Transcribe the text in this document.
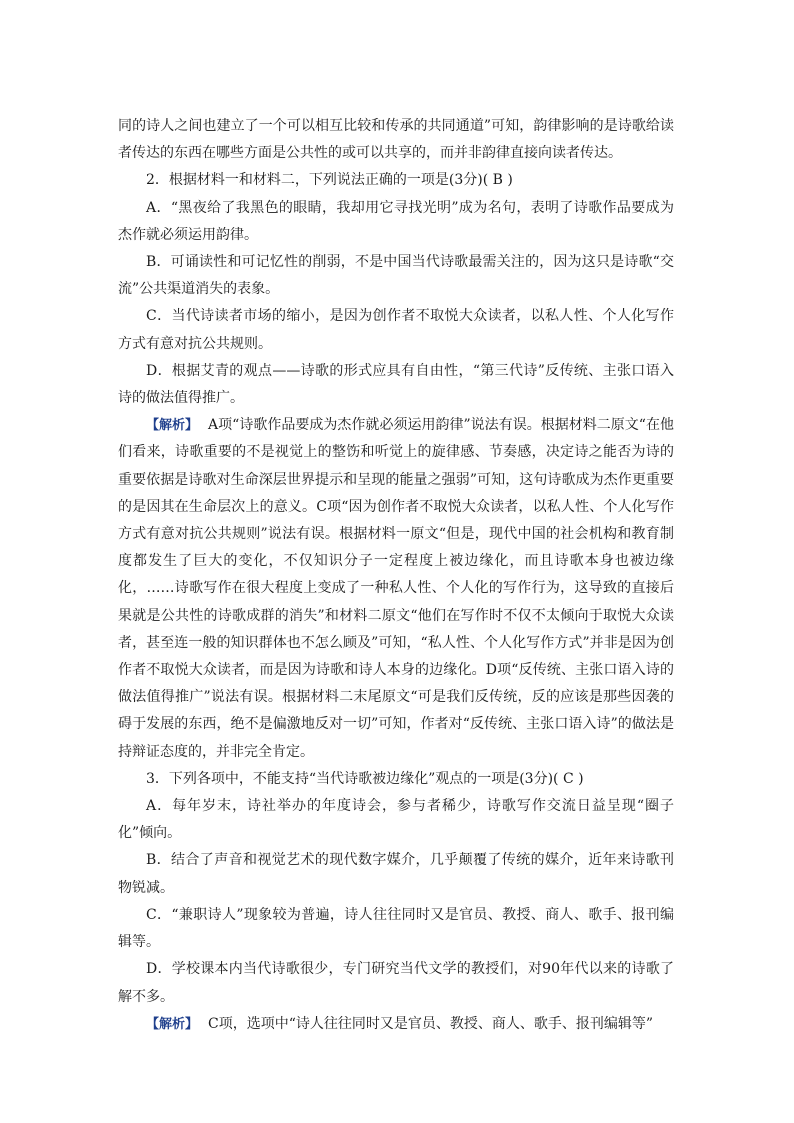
同的诗人之间也建立了一个可以相互比较和传承的共同通道”可知，韵律影响的是诗歌给读者传达的东西在哪些方面是公共性的或可以共享的，而并非韵律直接向读者传达。

2．根据材料一和材料二，下列说法正确的一项是(3分)( B )

A．“黑夜给了我黑色的眼睛，我却用它寻找光明”成为名句，表明了诗歌作品要成为杰作就必须运用韵律。

B．可诵读性和可记忆性的削弱，不是中国当代诗歌最需关注的，因为这只是诗歌“交流”公共渠道消失的表象。

C．当代诗读者市场的缩小，是因为创作者不取悦大众读者，以私人性、个人化写作方式有意对抗公共规则。

D．根据艾青的观点——诗歌的形式应具有自由性，“第三代诗”反传统、主张口语入诗的做法值得推广。

【解析】 A项“诗歌作品要成为杰作就必须运用韵律”说法有误。根据材料二原文“在他们看来，诗歌重要的不是视觉上的整饬和听觉上的旋律感、节奏感，决定诗之能否为诗的重要依据是诗歌对生命深层世界提示和呈现的能量之强弱”可知，这句诗歌成为杰作更重要的是因其在生命层次上的意义。C项“因为创作者不取悦大众读者，以私人性、个人化写作方式有意对抗公共规则”说法有误。根据材料一原文“但是，现代中国的社会机构和教育制度都发生了巨大的变化，不仅知识分子一定程度上被边缘化，而且诗歌本身也被边缘化，……诗歌写作在很大程度上变成了一种私人性、个人化的写作行为，这导致的直接后果就是公共性的诗歌成群的消失”和材料二原文“他们在写作时不仅不太倾向于取悦大众读者，甚至连一般的知识群体也不怎么顾及”可知，“私人性、个人化写作方式”并非是因为创作者不取悦大众读者，而是因为诗歌和诗人本身的边缘化。D项“反传统、主张口语入诗的做法值得推广”说法有误。根据材料二末尾原文“可是我们反传统，反的应该是那些因袭的碍于发展的东西，绝不是偏激地反对一切”可知，作者对“反传统、主张口语入诗”的做法是持辩证态度的，并非完全肯定。

3．下列各项中，不能支持“当代诗歌被边缘化”观点的一项是(3分)( C )

A．每年岁末，诗社举办的年度诗会，参与者稀少，诗歌写作交流日益呈现“圈子化”倾向。

B．结合了声音和视觉艺术的现代数字媒介，几乎颠覆了传统的媒介，近年来诗歌刊物锐减。

C．“兼职诗人”现象较为普遍，诗人往往同时又是官员、教授、商人、歌手、报刊编辑等。

D．学校课本内当代诗歌很少，专门研究当代文学的教授们，对90年代以来的诗歌了解不多。

【解析】 C项，选项中“诗人往往同时又是官员、教授、商人、歌手、报刊编辑等”
